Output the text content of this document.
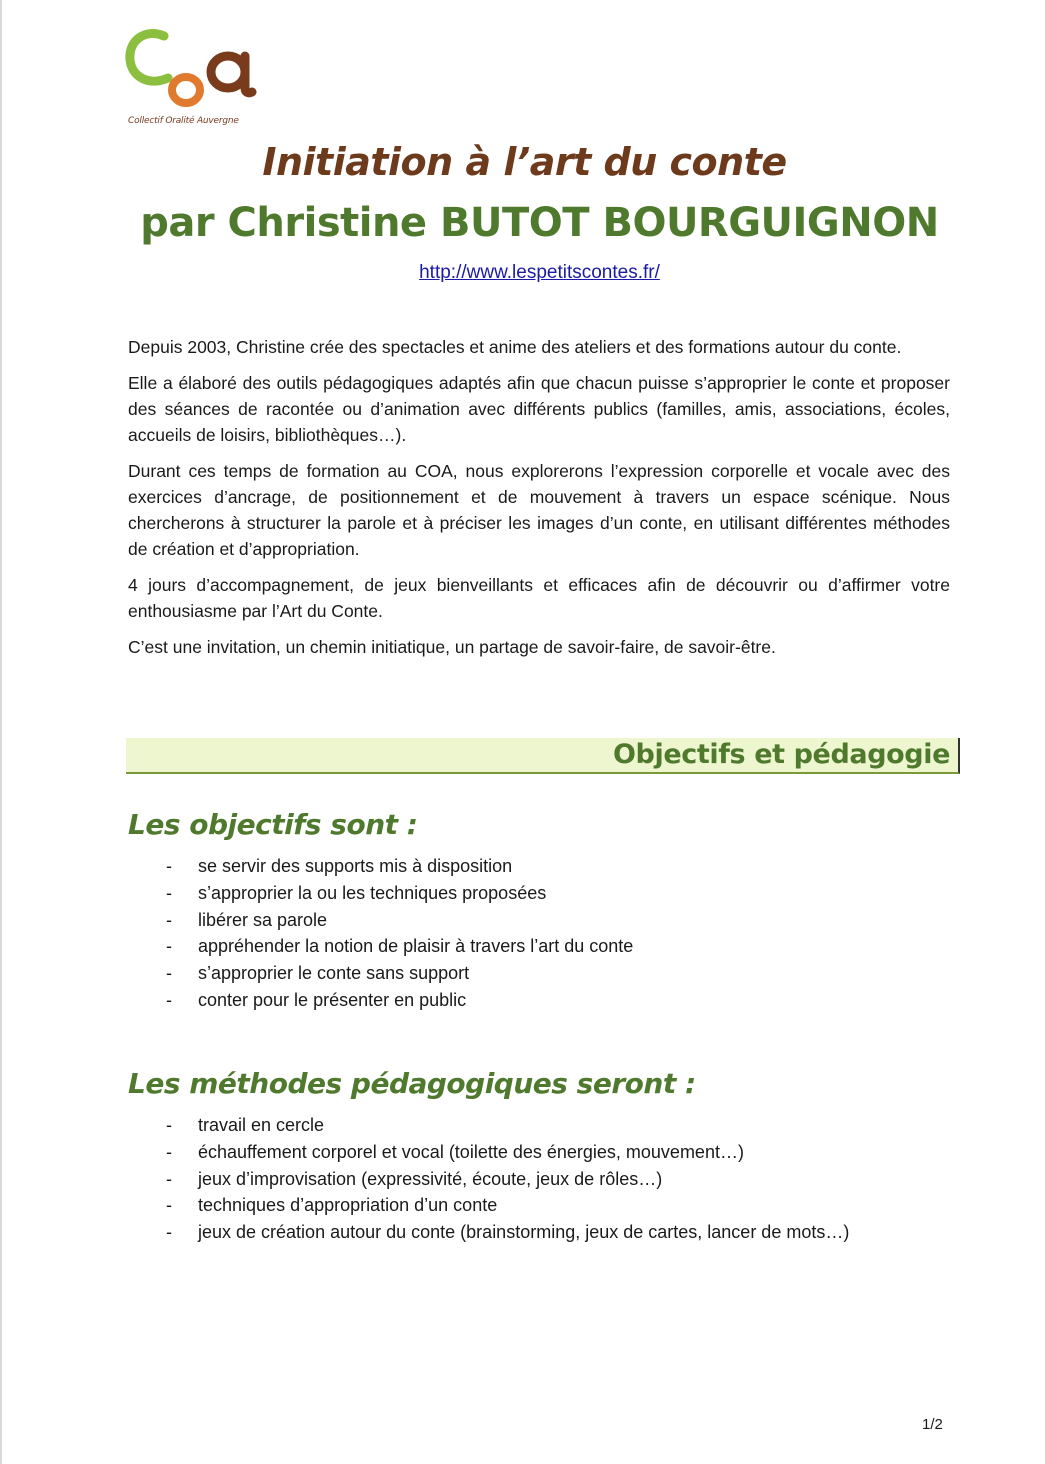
Collectif Oralité Auvergne
Initiation à l’art du conte
par Christine BUTOT BOURGUIGNON
http://www.lespetitscontes.fr/

Depuis 2003, Christine crée des spectacles et anime des ateliers et des formations autour du conte.

Elle a élaboré des outils pédagogiques adaptés afin que chacun puisse s’approprier le conte et proposer des séances de racontée ou d’animation avec différents publics (familles, amis, associations, écoles, accueils de loisirs, bibliothèques…).

Durant ces temps de formation au COA, nous explorerons l’expression corporelle et vocale avec des exercices d’ancrage, de positionnement et de mouvement à travers un espace scénique. Nous chercherons à structurer la parole et à préciser les images d’un conte, en utilisant différentes méthodes de création et d’appropriation.

4 jours d’accompagnement, de jeux bienveillants et efficaces afin de découvrir ou d’affirmer votre enthousiasme par l’Art du Conte.

C’est une invitation, un chemin initiatique, un partage de savoir-faire, de savoir-être.

Objectifs et pédagogie
Les objectifs sont :
- se servir des supports mis à disposition
- s’approprier la ou les techniques proposées
- libérer sa parole
- appréhender la notion de plaisir à travers l’art du conte
- s’approprier le conte sans support
- conter pour le présenter en public
Les méthodes pédagogiques seront :
- travail en cercle
- échauffement corporel et vocal (toilette des énergies, mouvement…)
- jeux d’improvisation (expressivité, écoute, jeux de rôles…)
- techniques d’appropriation d’un conte
- jeux de création autour du conte (brainstorming, jeux de cartes, lancer de mots…)
1/2
